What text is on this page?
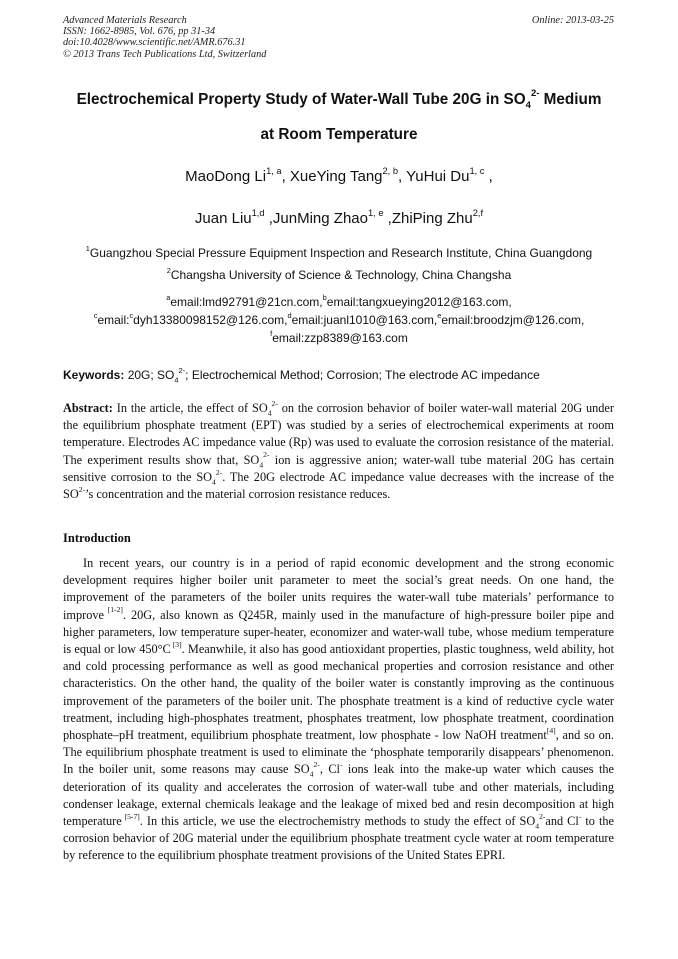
Advanced Materials Research
ISSN: 1662-8985, Vol. 676, pp 31-34
doi:10.4028/www.scientific.net/AMR.676.31
© 2013 Trans Tech Publications Ltd, Switzerland
Online: 2013-03-25
Electrochemical Property Study of Water-Wall Tube 20G in $SO_4^{2-}$ Medium
at Room Temperature
MaoDong Li$^{1, a}$, XueYing Tang$^{2, b}$, YuHui Du$^{1, c}$ ,
Juan Liu$^{1,d}$ ,JunMing Zhao$^{1, e}$ ,ZhiPing Zhu$^{2,f}$
$^1$Guangzhou Special Pressure Equipment Inspection and Research Institute, China Guangdong
$^2$Changsha University of Science & Technology, China Changsha
$^a$email:lmd92791@21cn.com,$^b$email:tangxueying2012@163.com,
$^c$email:$^c$dyh13380098152@126.com,$^d$email:juanl1010@163.com,$^e$email:broodzjm@126.com,
$^f$email:zzp8389@163.com
Keywords: 20G; $SO_4^{2-}$; Electrochemical Method; Corrosion; The electrode AC impedance

Abstract: In the article, the effect of $SO_4^{2-}$ on the corrosion behavior of boiler water-wall material 20G under the equilibrium phosphate treatment (EPT) was studied by a series of electrochemical experiments at room temperature. Electrodes AC impedance value (Rp) was used to evaluate the corrosion resistance of the material. The experiment results show that, $SO_4^{2-}$ ion is aggressive anion; water-wall tube material 20G has certain sensitive corrosion to the $SO_4^{2-}$. The 20G electrode AC impedance value decreases with the increase of the $SO^{2-}’s$ concentration and the material corrosion resistance reduces.

Introduction

In recent years, our country is in a period of rapid economic development and the strong economic development requires higher boiler unit parameter to meet the social’s great needs. On one hand, the improvement of the parameters of the boiler units requires the water-wall tube materials’ performance to improve [1-2]. 20G, also known as Q245R, mainly used in the manufacture of high-pressure boiler pipe and higher parameters, low temperature super-heater, economizer and water-wall tube, whose medium temperature is equal or low 450°C [3]. Meanwhile, it also has good antioxidant properties, plastic toughness, weld ability, hot and cold processing performance as well as good mechanical properties and corrosion resistance and other characteristics. On the other hand, the quality of the boiler water is constantly improving as the continuous improvement of the parameters of the boiler unit. The phosphate treatment is a kind of reductive cycle water treatment, including high-phosphates treatment, phosphates treatment, low phosphate treatment, coordination phosphate–pH treatment, equilibrium phosphate treatment, low phosphate - low NaOH treatment[4], and so on. The equilibrium phosphate treatment is used to eliminate the ‘phosphate temporarily disappears’ phenomenon. In the boiler unit, some reasons may cause $SO_4^{2-}$, Cl- ions leak into the make-up water which causes the deterioration of its quality and accelerates the corrosion of water-wall tube and other materials, including condenser leakage, external chemicals leakage and the leakage of mixed bed and resin decomposition at high temperature [5-7]. In this article, we use the electrochemistry methods to study the effect of $SO_4^{2-}and$ Cl- to the corrosion behavior of 20G material under the equilibrium phosphate treatment cycle water at room temperature by reference to the equilibrium phosphate treatment provisions of the United States EPRI.
